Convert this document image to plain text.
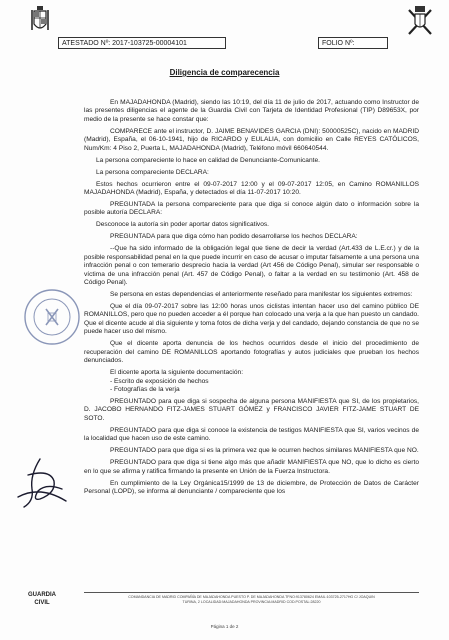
ATESTADO Nº: 2017-103725-00004101	FOLIO Nº:
Diligencia de comparecencia

En MAJADAHONDA (Madrid), siendo las 10:19, del día 11 de julio de 2017, actuando como Instructor de las presentes diligencias el agente de la Guardia Civil con Tarjeta de Identidad Profesional (TIP) D89653X, por medio de la presente se hace constar que:

COMPARECE ante el instructor, D. JAIME BENAVIDES GARCIA (DNI): 50000525C), nacido en MADRID (Madrid), España, el 06-10-1941, hijo de RICARDO y EULALIA, con domicilio en Calle REYES CATÓLICOS, Num/Km: 4 Piso 2, Puerta L, MAJADAHONDA (Madrid), Teléfono móvil 660640544.

La persona compareciente lo hace en calidad de Denunciante-Comunicante.

La persona compareciente DECLARA:

Estos hechos ocurrieron entre el 09-07-2017 12:00 y el 09-07-2017 12:05, en Camino ROMANILLOS MAJADAHONDA (Madrid), España, y detectados el día 11-07-2017 10:20.

PREGUNTADA la persona compareciente para que diga si conoce algún dato o información sobre la posible autoría DECLARA:

Desconoce la autoría sin poder aportar datos significativos.

PREGUNTADA para que diga cómo han podido desarrollarse los hechos DECLARA:

--Que ha sido informado de la obligación legal que tiene de decir la verdad (Art.433 de L.E.cr.) y de la posible responsabilidad penal en la que puede incurrir en caso de acusar o imputar falsamente a una persona una infracción penal o con temerario desprecio hacia la verdad (Art 456 de Código Penal), simular ser responsable o víctima de una infracción penal (Art. 457 de Código Penal), o faltar a la verdad en su testimonio (Art. 458 de Código Penal).

Se persona en estas dependencias el anteriormente reseñado para manifestar los siguientes extremos:

Que el día 09-07-2017 sobre las 12:00 horas unos ciclistas intentan hacer uso del camino público DE ROMANILLOS, pero que no pueden acceder a él porque han colocado una verja a la que han puesto un candado. Que el dicente acude al día siguiente y toma fotos de dicha verja y del candado, dejando constancia de que no se puede hacer uso del mismo.

Que el dicente aporta denuncia de los hechos ocurridos desde el inicio del procedimiento de recuperación del camino DE ROMANILLOS aportando fotografías y autos judiciales que prueban los hechos denunciados.

El dicente aporta la siguiente documentación:

- Escrito de exposición de hechos

- Fotografías de la verja

PREGUNTADO para que diga si sospecha de alguna persona MANIFIESTA que SI, de los propietarios, D. JACOBO HERNANDO FITZ-JAMES STUART GÓMEZ y FRANCISCO JAVIER FITZ-JAME STUART DE SOTO.

PREGUNTADO para que diga si conoce la existencia de testigos MANIFIESTA que SI, varios vecinos de la localidad que hacen uso de este camino.

PREGUNTADO para que diga si es la primera vez que le ocurren hechos similares MANIFIESTA que NO.

PREGUNTADO para que diga si tiene algo más que añadir MANIFIESTA que NO, que lo dicho es cierto en lo que se afirma y ratifica firmando la presente en Unión de la Fuerza Instructora.

En cumplimiento de la Ley Orgánica15/1999 de 13 de diciembre, de Protección de Datos de Carácter Personal (LOPD), se informa al denunciante / compareciente que los

GUARDIA
CIVIL
COMANDANCIA DE MADRID COMPAÑÍA DE MAJADAHONDA PUESTO P. DE MAJADAHONDA TFNO:913780624 EMAIL:103725-2717HG C/ JOAQUIN
TURINA, 2 LOCALIDAD:MAJADAHONDA PROVINCIA:MADRID COD.POSTAL:28220
Página 1 de 2
